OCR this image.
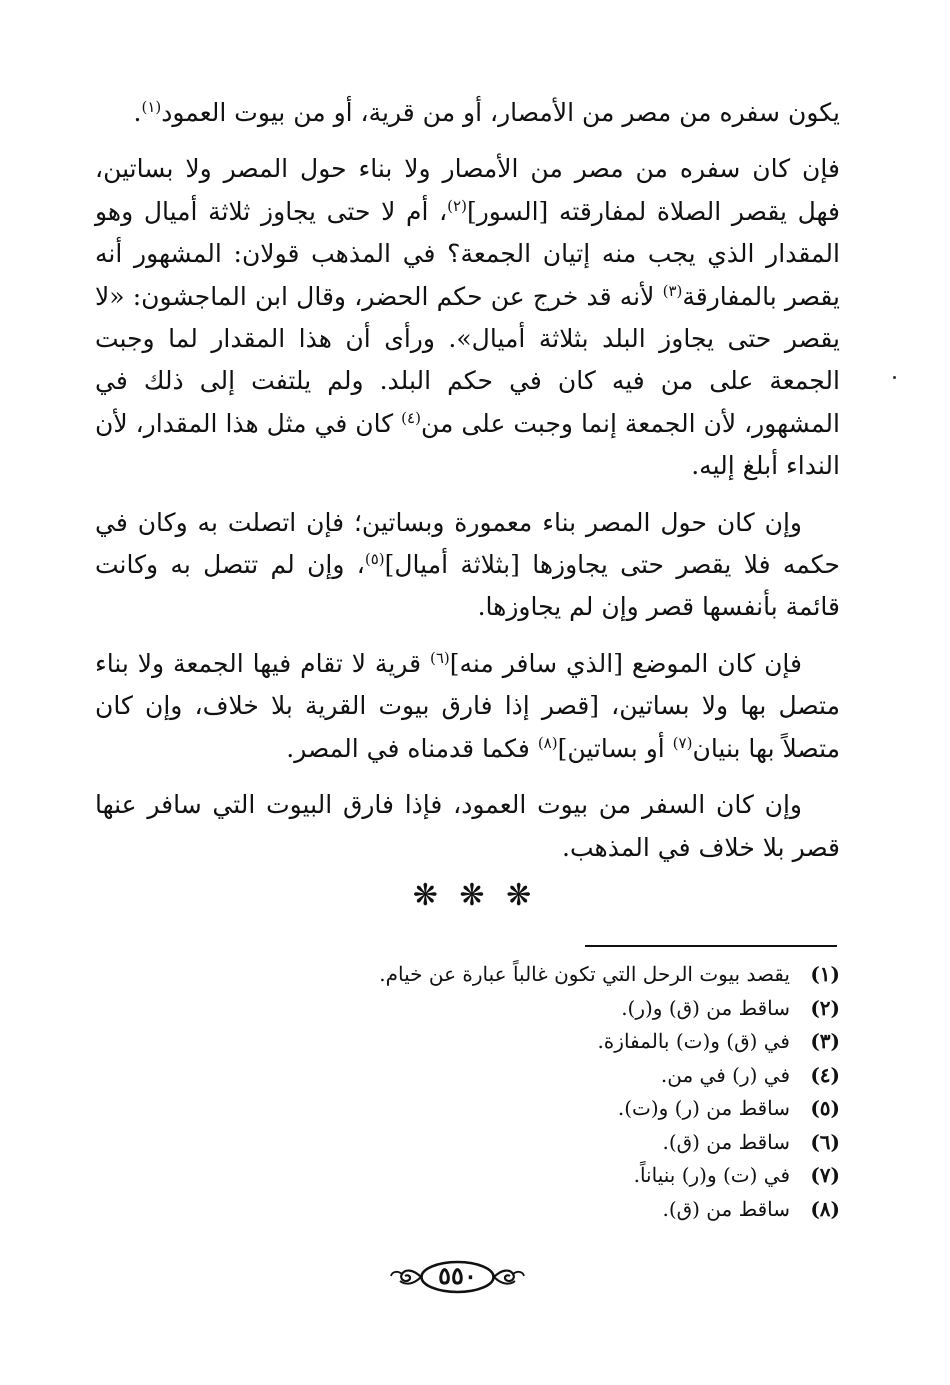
يكون سفره من مصر من الأمصار، أو من قرية، أو من بيوت العمود$^{(١)}$.

فإن كان سفره من مصر من الأمصار ولا بناء حول المصر ولا بساتين، فهل يقصر الصلاة لمفارقته [السور]$^{(٢)}$، أم لا حتى يجاوز ثلاثة أميال وهو المقدار الذي يجب منه إتيان الجمعة؟ في المذهب قولان: المشهور أنه يقصر بالمفارقة$^{(٣)}$ لأنه قد خرج عن حكم الحضر، وقال ابن الماجشون: «لا يقصر حتى يجاوز البلد بثلاثة أميال». ورأى أن هذا المقدار لما وجبت الجمعة على من فيه كان في حكم البلد. ولم يلتفت إلى ذلك في المشهور، لأن الجمعة إنما وجبت على من$^{(٤)}$ كان في مثل هذا المقدار، لأن النداء أبلغ إليه.

وإن كان حول المصر بناء معمورة وبساتين؛ فإن اتصلت به وكان في حكمه فلا يقصر حتى يجاوزها [بثلاثة أميال]$^{(٥)}$، وإن لم تتصل به وكانت قائمة بأنفسها قصر وإن لم يجاوزها.

فإن كان الموضع [الذي سافر منه]$^{(٦)}$ قرية لا تقام فيها الجمعة ولا بناء متصل بها ولا بساتين، [قصر إذا فارق بيوت القرية بلا خلاف، وإن كان متصلاً بها بنيان$^{(٧)}$ أو بساتين]$^{(٨)}$ فكما قدمناه في المصر.

وإن كان السفر من بيوت العمود، فإذا فارق البيوت التي سافر عنها قصر بلا خلاف في المذهب.

❋ ❋ ❋
(١)يقصد بيوت الرحل التي تكون غالباً عبارة عن خيام.
(٢)ساقط من (ق) و(ر).
(٣)في (ق) و(ت) بالمفازة.
(٤)في (ر) في من.
(٥)ساقط من (ر) و(ت).
(٦)ساقط من (ق).
(٧)في (ت) و(ر) بنياناً.
(٨)ساقط من (ق).
٥٥٠
